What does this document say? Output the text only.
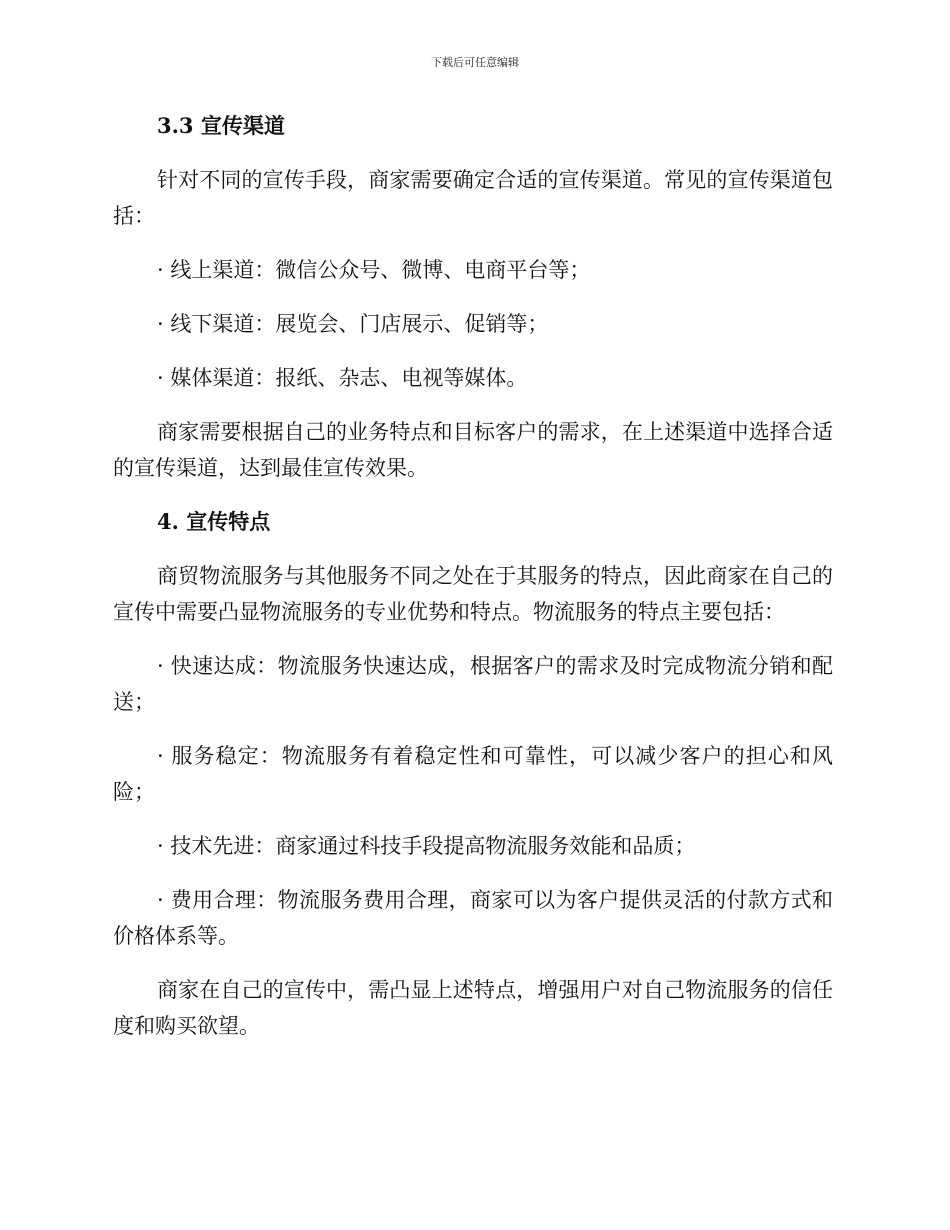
下载后可任意编辑

3.3 宣传渠道

针对不同的宣传手段，商家需要确定合适的宣传渠道。常见的宣传渠道包括：

· 线上渠道：微信公众号、微博、电商平台等；

· 线下渠道：展览会、门店展示、促销等；

· 媒体渠道：报纸、杂志、电视等媒体。

商家需要根据自己的业务特点和目标客户的需求，在上述渠道中选择合适的宣传渠道，达到最佳宣传效果。

4. 宣传特点

商贸物流服务与其他服务不同之处在于其服务的特点，因此商家在自己的宣传中需要凸显物流服务的专业优势和特点。物流服务的特点主要包括：

· 快速达成：物流服务快速达成，根据客户的需求及时完成物流分销和配送；

· 服务稳定：物流服务有着稳定性和可靠性，可以减少客户的担心和风险；

· 技术先进：商家通过科技手段提高物流服务效能和品质；

· 费用合理：物流服务费用合理，商家可以为客户提供灵活的付款方式和价格体系等。

商家在自己的宣传中，需凸显上述特点，增强用户对自己物流服务的信任度和购买欲望。
